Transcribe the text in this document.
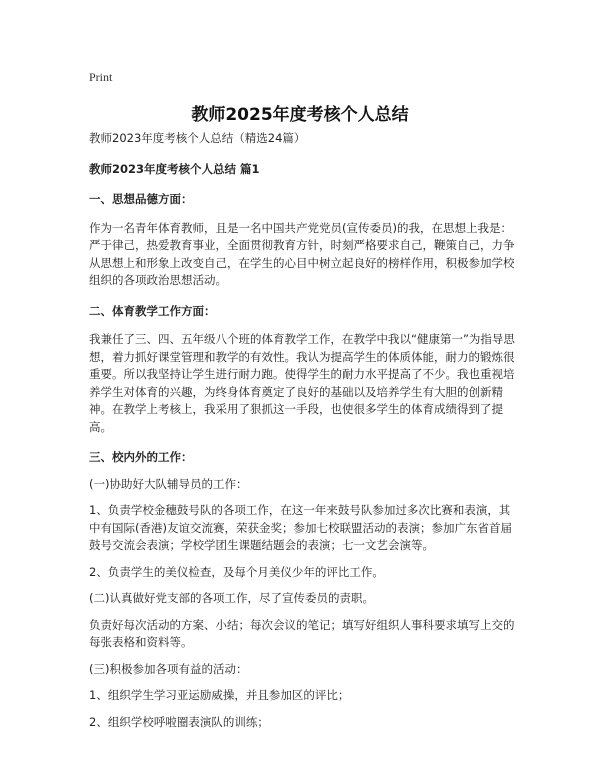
Print
教师2025年度考核个人总结

教师2023年度考核个人总结（精选24篇）

教师2023年度考核个人总结 篇1

一、思想品德方面：

作为一名青年体育教师，且是一名中国共产党党员(宣传委员)的我，在思想上我是：严于律己，热爱教育事业，全面贯彻教育方针，时刻严格要求自己，鞭策自己，力争从思想上和形象上改变自己，在学生的心目中树立起良好的榜样作用，积极参加学校组织的各项政治思想活动。

二、体育教学工作方面：

我兼任了三、四、五年级八个班的体育教学工作，在教学中我以“健康第一”为指导思想，着力抓好课堂管理和教学的有效性。我认为提高学生的体质体能，耐力的锻炼很重要。所以我坚持让学生进行耐力跑。使得学生的耐力水平提高了不少。我也重视培养学生对体育的兴趣，为终身体育奠定了良好的基础以及培养学生有大胆的创新精神。在教学上考核上，我采用了狠抓这一手段，也使很多学生的体育成绩得到了提高。

三、校内外的工作：

(一)协助好大队辅导员的工作：

1、负责学校金穗鼓号队的各项工作，在这一年来鼓号队参加过多次比赛和表演，其中有国际(香港)友谊交流赛，荣获金奖；参加七校联盟活动的表演；参加广东省首届鼓号交流会表演；学校学团生课题结题会的表演；七一文艺会演等。

2、负责学生的美仪检查，及每个月美仪少年的评比工作。

(二)认真做好党支部的各项工作，尽了宣传委员的责职。

负责好每次活动的方案、小结；每次会议的笔记；填写好组织人事科要求填写上交的每张表格和资料等。

(三)积极参加各项有益的活动：

1、组织学生学习亚运励威操，并且参加区的评比；

2、组织学校呼啦圈表演队的训练；
